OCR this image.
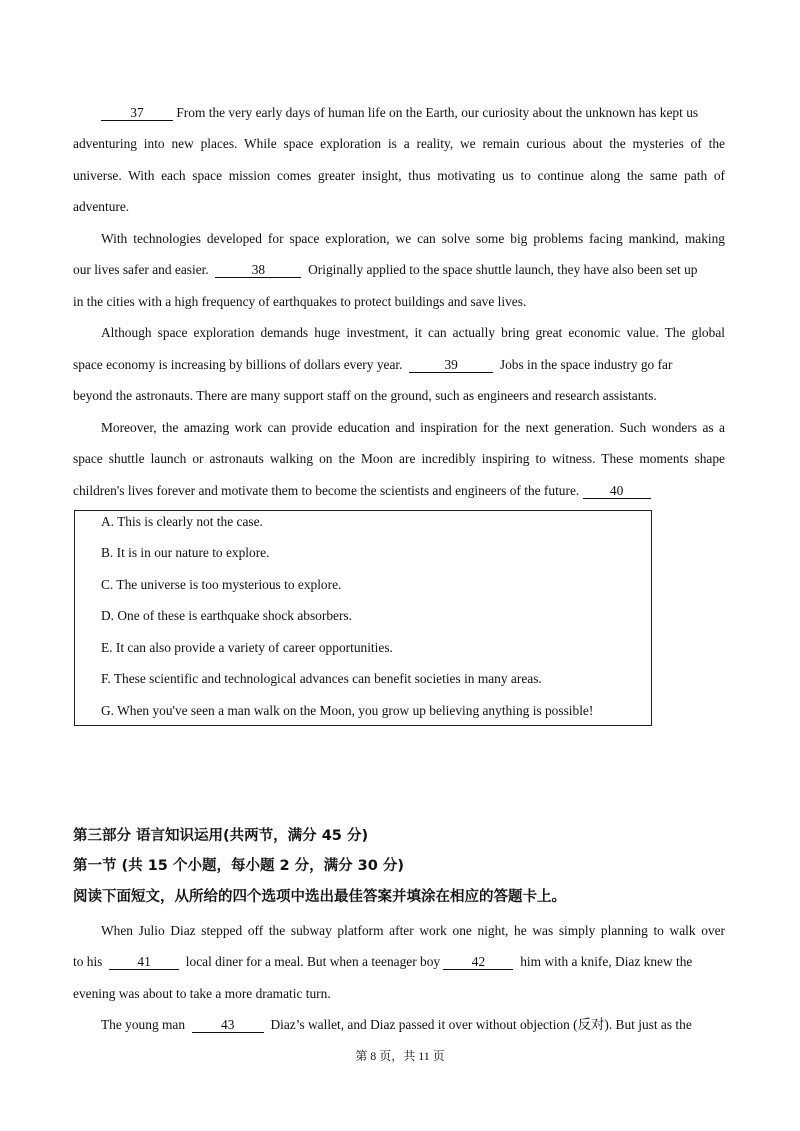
37 From the very early days of human life on the Earth, our curiosity about the unknown has kept us
adventuring into new places. While space exploration is a reality, we remain curious about the mysteries of the
universe. With each space mission comes greater insight, thus motivating us to continue along the same path of
adventure.
With technologies developed for space exploration, we can solve some big problems facing mankind, making
our lives safer and easier.	38	Originally applied to the space shuttle launch, they have also been set up
in the cities with a high frequency of earthquakes to protect buildings and save lives.
Although space exploration demands huge investment, it can actually bring great economic value. The global
space economy is increasing by billions of dollars every year.	39	Jobs in the space industry go far
beyond the astronauts. There are many support staff on the ground, such as engineers and research assistants.
Moreover, the amazing work can provide education and inspiration for the next generation. Such wonders as a
space shuttle launch or astronauts walking on the Moon are incredibly inspiring to witness. These moments shape
children's lives forever and motivate them to become the scientists and engineers of the future. 40
A. This is clearly not the case.
B. It is in our nature to explore.
C. The universe is too mysterious to explore.
D. One of these is earthquake shock absorbers.
E. It can also provide a variety of career opportunities.
F. These scientific and technological advances can benefit societies in many areas.
G. When you've seen a man walk on the Moon, you grow up believing anything is possible!
第三部分 语言知识运用(共两节，满分 45 分)
第一节 (共 15 个小题，每小题 2 分，满分 30 分)
阅读下面短文，从所给的四个选项中选出最佳答案并填涂在相应的答题卡上。
When Julio Diaz stepped off the subway platform after work one night, he was simply planning to walk over
to his	41	local diner for a meal. But when a teenager boy 42	him with a knife, Diaz knew the
evening was about to take a more dramatic turn.
The young man	43	Diaz’s wallet, and Diaz passed it over without objection (反对). But just as the
第 8 页，共 11 页
